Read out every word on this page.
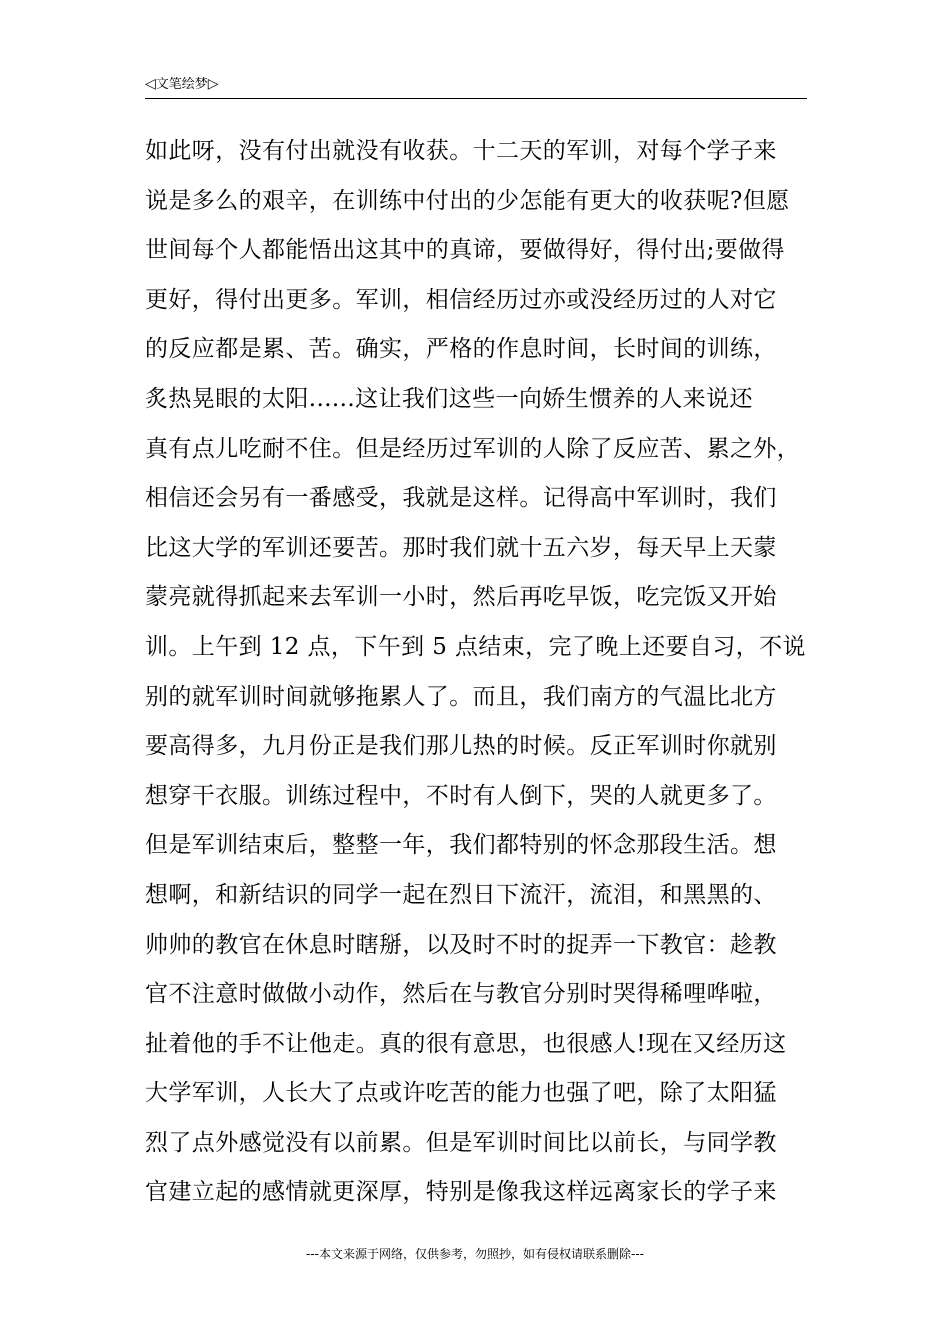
◁文笔绘梦▷
如此呀，没有付出就没有收获。十二天的军训，对每个学子来
说是多么的艰辛，在训练中付出的少怎能有更大的收获呢?但愿
世间每个人都能悟出这其中的真谛，要做得好，得付出;要做得
更好，得付出更多。军训，相信经历过亦或没经历过的人对它
的反应都是累、苦。确实，严格的作息时间，长时间的训练，
炙热晃眼的太阳......这让我们这些一向娇生惯养的人来说还
真有点儿吃耐不住。但是经历过军训的人除了反应苦、累之外，
相信还会另有一番感受，我就是这样。记得高中军训时，我们
比这大学的军训还要苦。那时我们就十五六岁，每天早上天蒙
蒙亮就得抓起来去军训一小时，然后再吃早饭，吃完饭又开始
训。上午到 12 点，下午到 5 点结束，完了晚上还要自习，不说
别的就军训时间就够拖累人了。而且，我们南方的气温比北方
要高得多，九月份正是我们那儿热的时候。反正军训时你就别
想穿干衣服。训练过程中，不时有人倒下，哭的人就更多了。
但是军训结束后，整整一年，我们都特别的怀念那段生活。想
想啊，和新结识的同学一起在烈日下流汗，流泪，和黑黑的、
帅帅的教官在休息时瞎掰，以及时不时的捉弄一下教官：趁教
官不注意时做做小动作，然后在与教官分别时哭得稀哩哗啦，
扯着他的手不让他走。真的很有意思，也很感人!现在又经历这
大学军训，人长大了点或许吃苦的能力也强了吧，除了太阳猛
烈了点外感觉没有以前累。但是军训时间比以前长，与同学教
官建立起的感情就更深厚，特别是像我这样远离家长的学子来
---本文来源于网络，仅供参考，勿照抄，如有侵权请联系删除---
